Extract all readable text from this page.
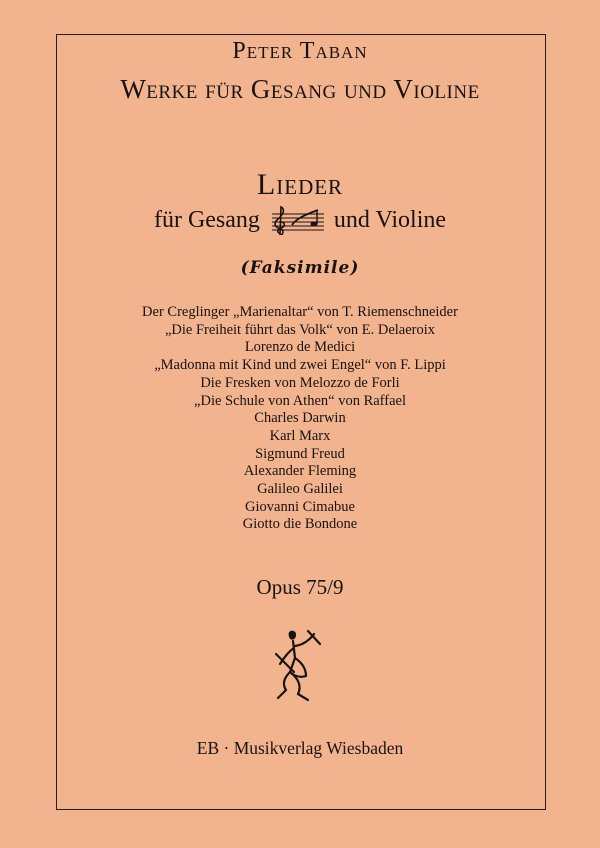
Peter Taban
Werke für Gesang und Violine
Lieder
für Gesang	und Violine
(Faksimile)
Der Creglinger „Marienaltar“ von T. Riemenschneider
„Die Freiheit führt das Volk“ von E. Delaeroix
Lorenzo de Medici
„Madonna mit Kind und zwei Engel“ von F. Lippi
Die Fresken von Melozzo de Forli
„Die Schule von Athen“ von Raffael
Charles Darwin
Karl Marx
Sigmund Freud
Alexander Fleming
Galileo Galilei
Giovanni Cimabue
Giotto die Bondone
Opus 75/9
EB · Musikverlag Wiesbaden
